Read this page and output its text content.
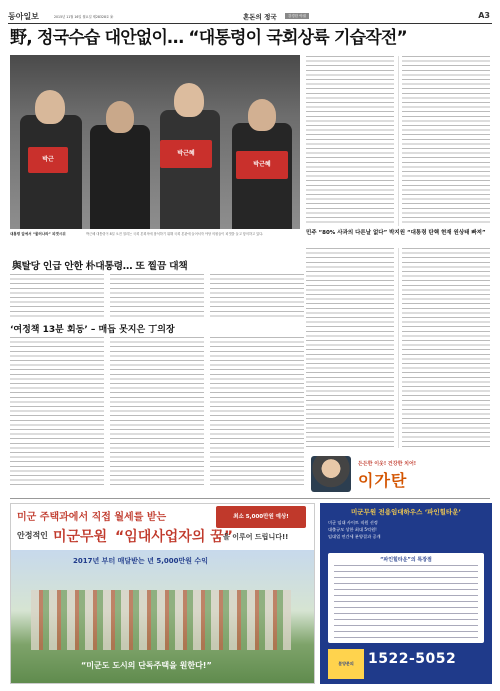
동아일보	2015년 11월 16일 월요일 제28328호 ㊎	혼돈의 정국	강경한 야권	A3
野, 정국수습 대안없이… “대통령이 국회상륙 기습작전”
박근
박근혜
박근혜
대통령 앞에서 “물러나라” 피켓시위	박근혜 대통령이 8일 오전 열리는 국회 본회의에 참석하기 위해 국회 본관에 들어서자 야당 의원들이 피켓을 들고 항의하고 있다.
與탈당 인급 안한 朴대통령… 또 찔끔 대책
민주 “80% 사과의 다른날 없다” 박지원 “대통령 탄핵 현재 원상태 빠져”
‘여정책 13분 회동’ – 매듭 못지은 丁의장
든든한 이웃! 건강한 치어!
이가탄
미군 주택과에서 직접 월세를 받는	최소 5,000만원 예상!
안정적인 미군무원 “임대사업자의 꿈”
을 이루어 드립니다!!
2017년 부터 매달받는 년 5,000만원 수익
“미군도 도시의 단독주택을 원한다!”
미군무원 전용임대하우스 ‘파인힐타운’
미군 임대 사이트 직원 선정
대출규모 상한 최대 5억원!
임대업 연간세 분양결과 공개
“파인힐타운”의 특장점
분양문의	1522-5052
